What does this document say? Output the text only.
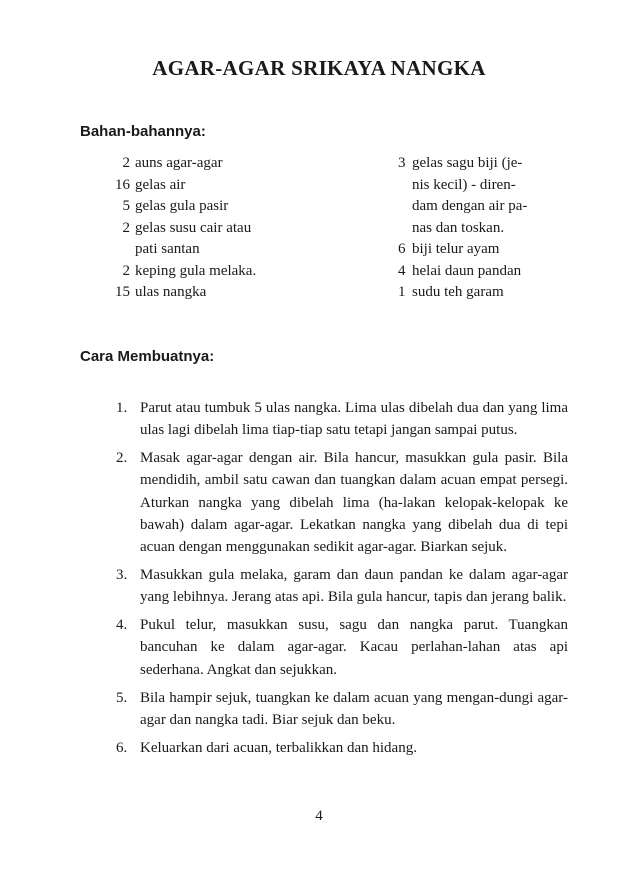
AGAR-AGAR SRIKAYA NANGKA
Bahan-bahannya:
2 auns agar-agar
16 gelas air
5 gelas gula pasir
2 gelas susu cair atau
pati santan
2 keping gula melaka.
15 ulas nangka
3 gelas sagu biji (je-
nis kecil) - diren-
dam dengan air pa-
nas dan toskan.
6 biji telur ayam
4 helai daun pandan
1 sudu teh garam
Cara Membuatnya:
1. Parut atau tumbuk 5 ulas nangka. Lima ulas dibelah dua dan yang lima ulas lagi dibelah lima tiap-tiap satu tetapi jangan sampai putus.
2. Masak agar-agar dengan air. Bila hancur, masukkan gula pasir. Bila mendidih, ambil satu cawan dan tuangkan dalam acuan empat persegi. Aturkan nangka yang dibelah lima (ha-lakan kelopak-kelopak ke bawah) dalam agar-agar. Lekatkan nangka yang dibelah dua di tepi acuan dengan menggunakan sedikit agar-agar. Biarkan sejuk.
3. Masukkan gula melaka, garam dan daun pandan ke dalam agar-agar yang lebihnya. Jerang atas api. Bila gula hancur, tapis dan jerang balik.
4. Pukul telur, masukkan susu, sagu dan nangka parut. Tuangkan bancuhan ke dalam agar-agar. Kacau perlahan-lahan atas api sederhana. Angkat dan sejukkan.
5. Bila hampir sejuk, tuangkan ke dalam acuan yang mengan-dungi agar-agar dan nangka tadi. Biar sejuk dan beku.
6. Keluarkan dari acuan, terbalikkan dan hidang.
4
